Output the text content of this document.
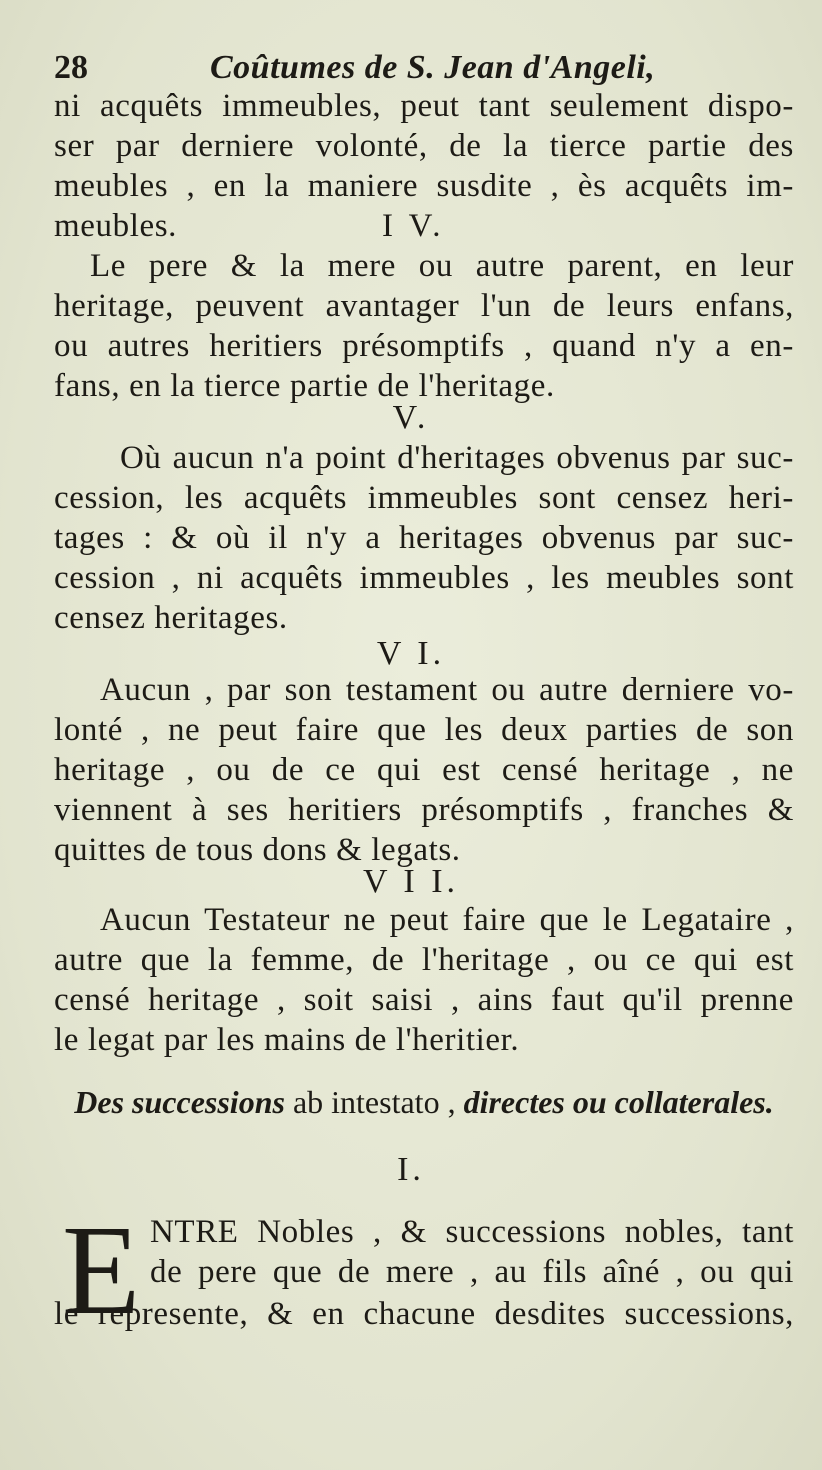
28	Coûtumes de S. Jean d'Angeli,
ni acquêts immeubles, peut tant seulement dispo-
ser par derniere volonté, de la tierce partie des
meubles , en la maniere susdite , ès acquêts im-
meubles.	I V.
Le pere & la mere ou autre parent, en leur
heritage, peuvent avantager l'un de leurs enfans,
ou autres heritiers présomptifs , quand n'y a en-
fans, en la tierce partie de l'heritage.
V.
Où aucun n'a point d'heritages obvenus par suc-
cession, les acquêts immeubles sont censez heri-
tages : & où il n'y a heritages obvenus par suc-
cession , ni acquêts immeubles , les meubles sont
censez heritages.
V I.
Aucun , par son testament ou autre derniere vo-
lonté , ne peut faire que les deux parties de son
heritage , ou de ce qui est censé heritage , ne
viennent à ses heritiers présomptifs , franches &
quittes de tous dons & legats.
V I I.
Aucun Testateur ne peut faire que le Legataire ,
autre que la femme, de l'heritage , ou ce qui est
censé heritage , soit saisi , ains faut qu'il prenne
le legat par les mains de l'heritier.
Des successions ab intestato , directes ou collaterales.
I.
E NTRE Nobles , & successions nobles, tant
de pere que de mere , au fils aîné , ou qui
le represente, & en chacune desdites successions,
